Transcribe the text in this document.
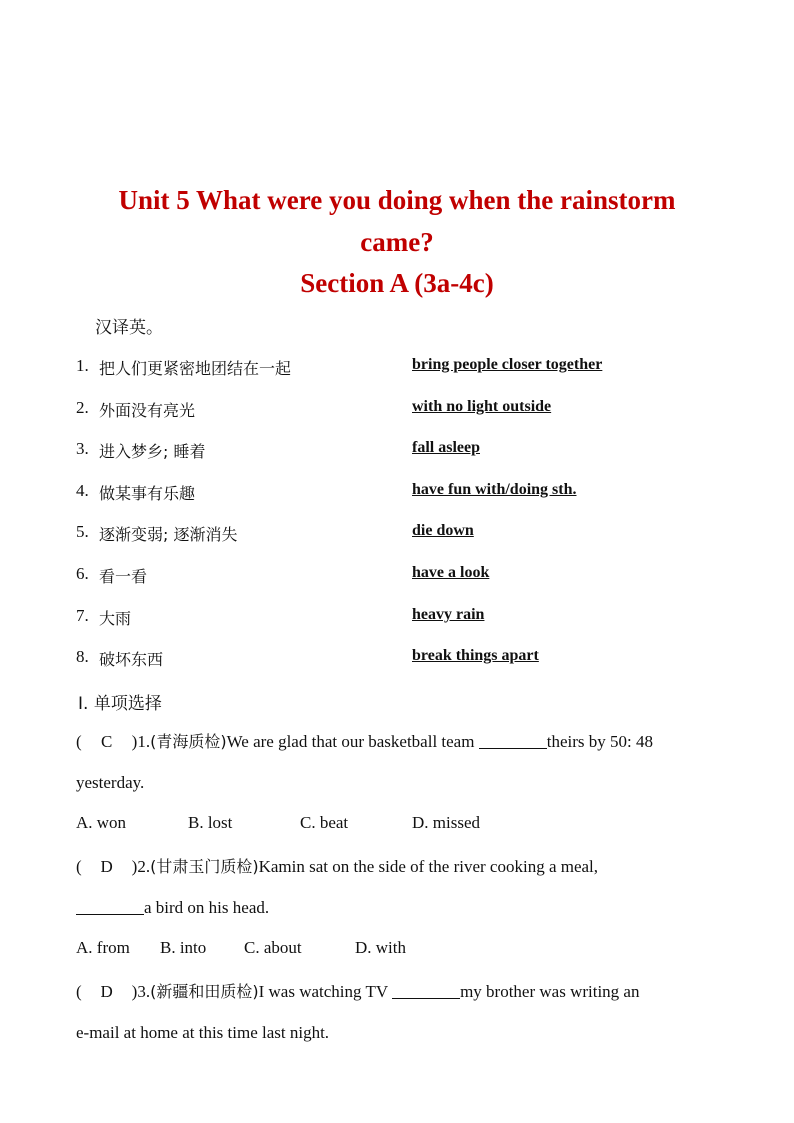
Unit 5 What were you doing when the rainstorm
came?
Section A (3a-4c)
汉译英。
1. 把人们更紧密地团结在一起	bring people closer together
2. 外面没有亮光	with no light outside
3. 进入梦乡; 睡着	fall asleep
4. 做某事有乐趣	have fun with/doing sth.
5. 逐渐变弱; 逐渐消失	die down
6. 看一看	have a look
7. 大雨	heavy rain
8. 破坏东西	break things apart
Ⅰ. 单项选择
( C )1.(青海质检)We are glad that our basketball team	theirs by 50: 48
yesterday.
A. won	B. lost	C. beat	D. missed
( D )2.(甘肃玉门质检)Kamin sat on the side of the river cooking a meal,
a bird on his head.
A. from B. into C. about	D. with
( D )3.(新疆和田质检)I was watching TV	my brother was writing an
e-mail at home at this time last night.
